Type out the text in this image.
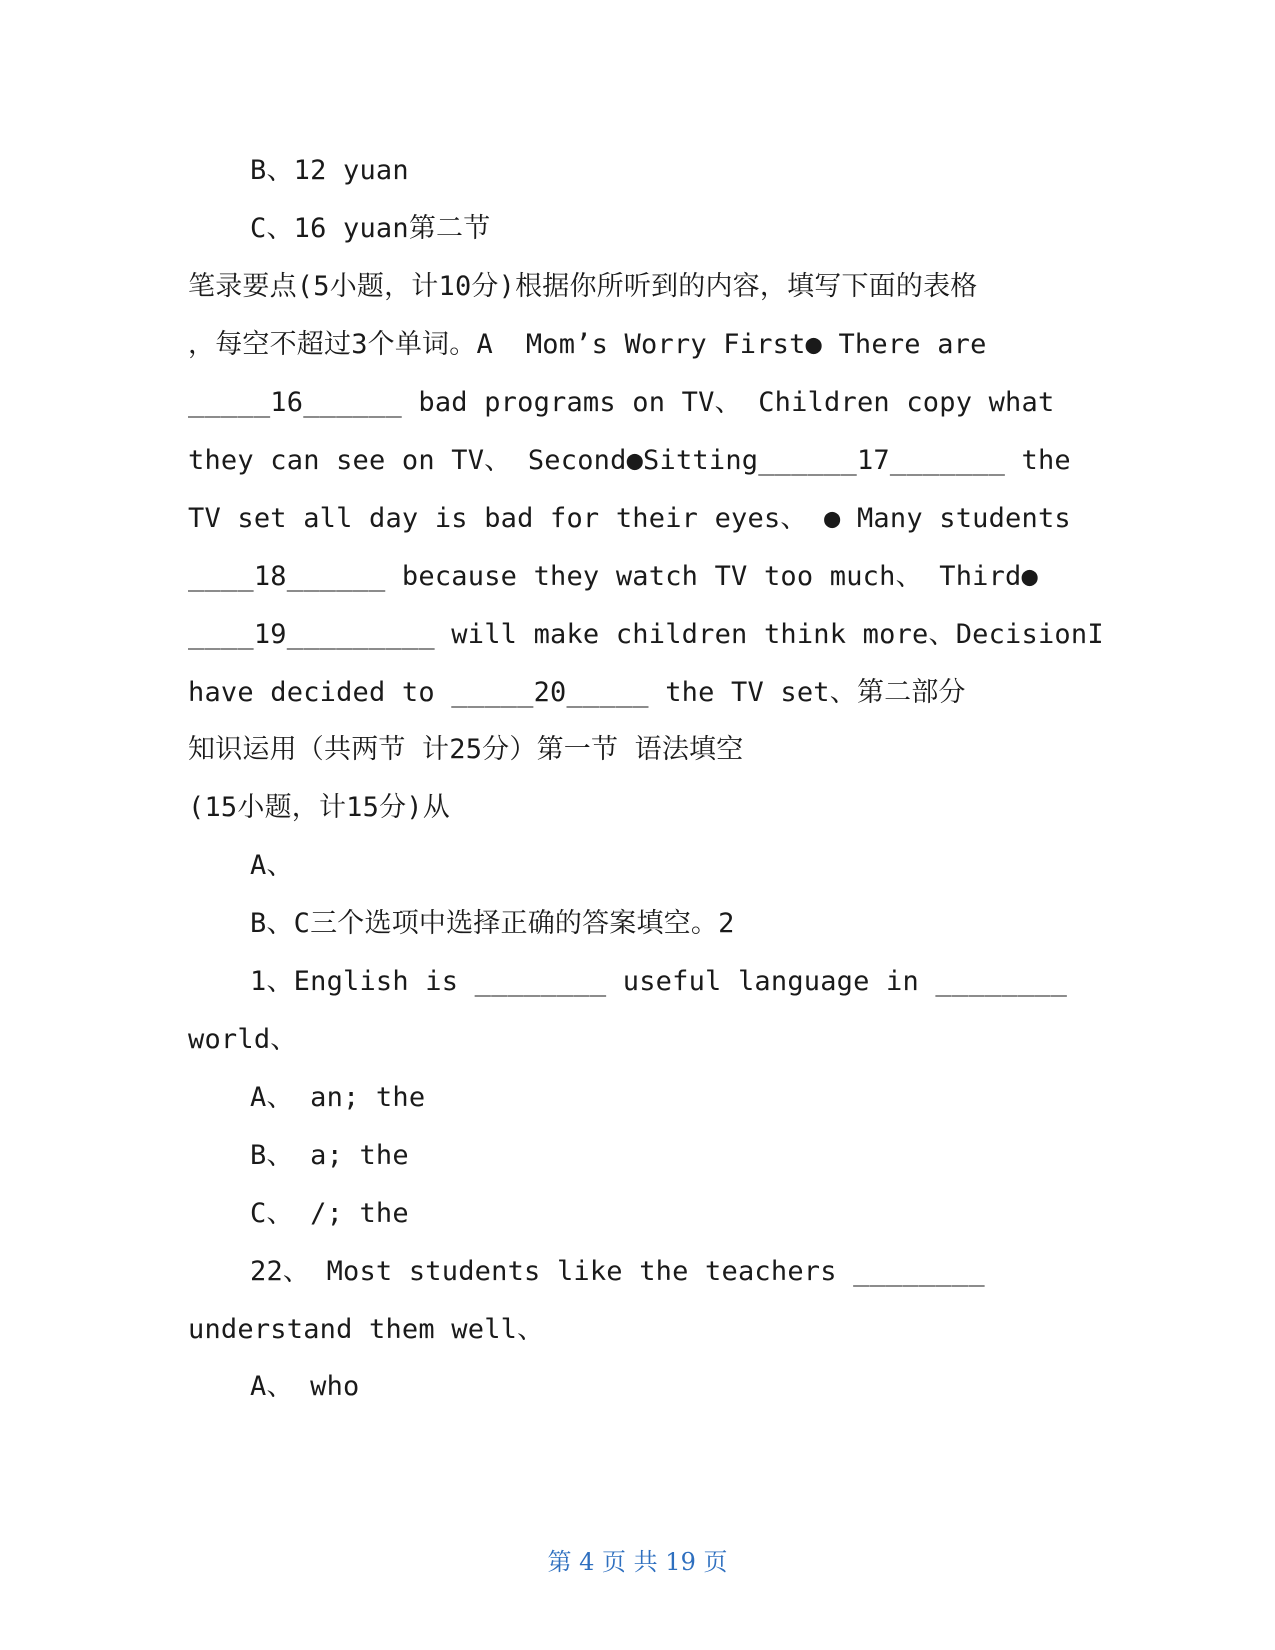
B、12 yuan
C、16 yuan第二节
笔录要点(5小题，计10分)根据你所听到的内容，填写下面的表格
，每空不超过3个单词。A  Mom’s Worry First● There are
_____16______ bad programs on TV、 Children copy what
they can see on TV、 Second●Sitting______17_______ the
TV set all day is bad for their eyes、 ● Many students
____18______ because they watch TV too much、 Third●
____19_________ will make children think more、DecisionI
have decided to _____20_____ the TV set、第二部分
知识运用（共两节 计25分）第一节 语法填空
(15小题，计15分)从
A、
B、C三个选项中选择正确的答案填空。2
1、English is ________ useful language in ________
world、
A、 an; the
B、 a; the
C、 /; the
22、 Most students like the teachers ________
understand them well、
A、 who
第 4 页 共 19 页
